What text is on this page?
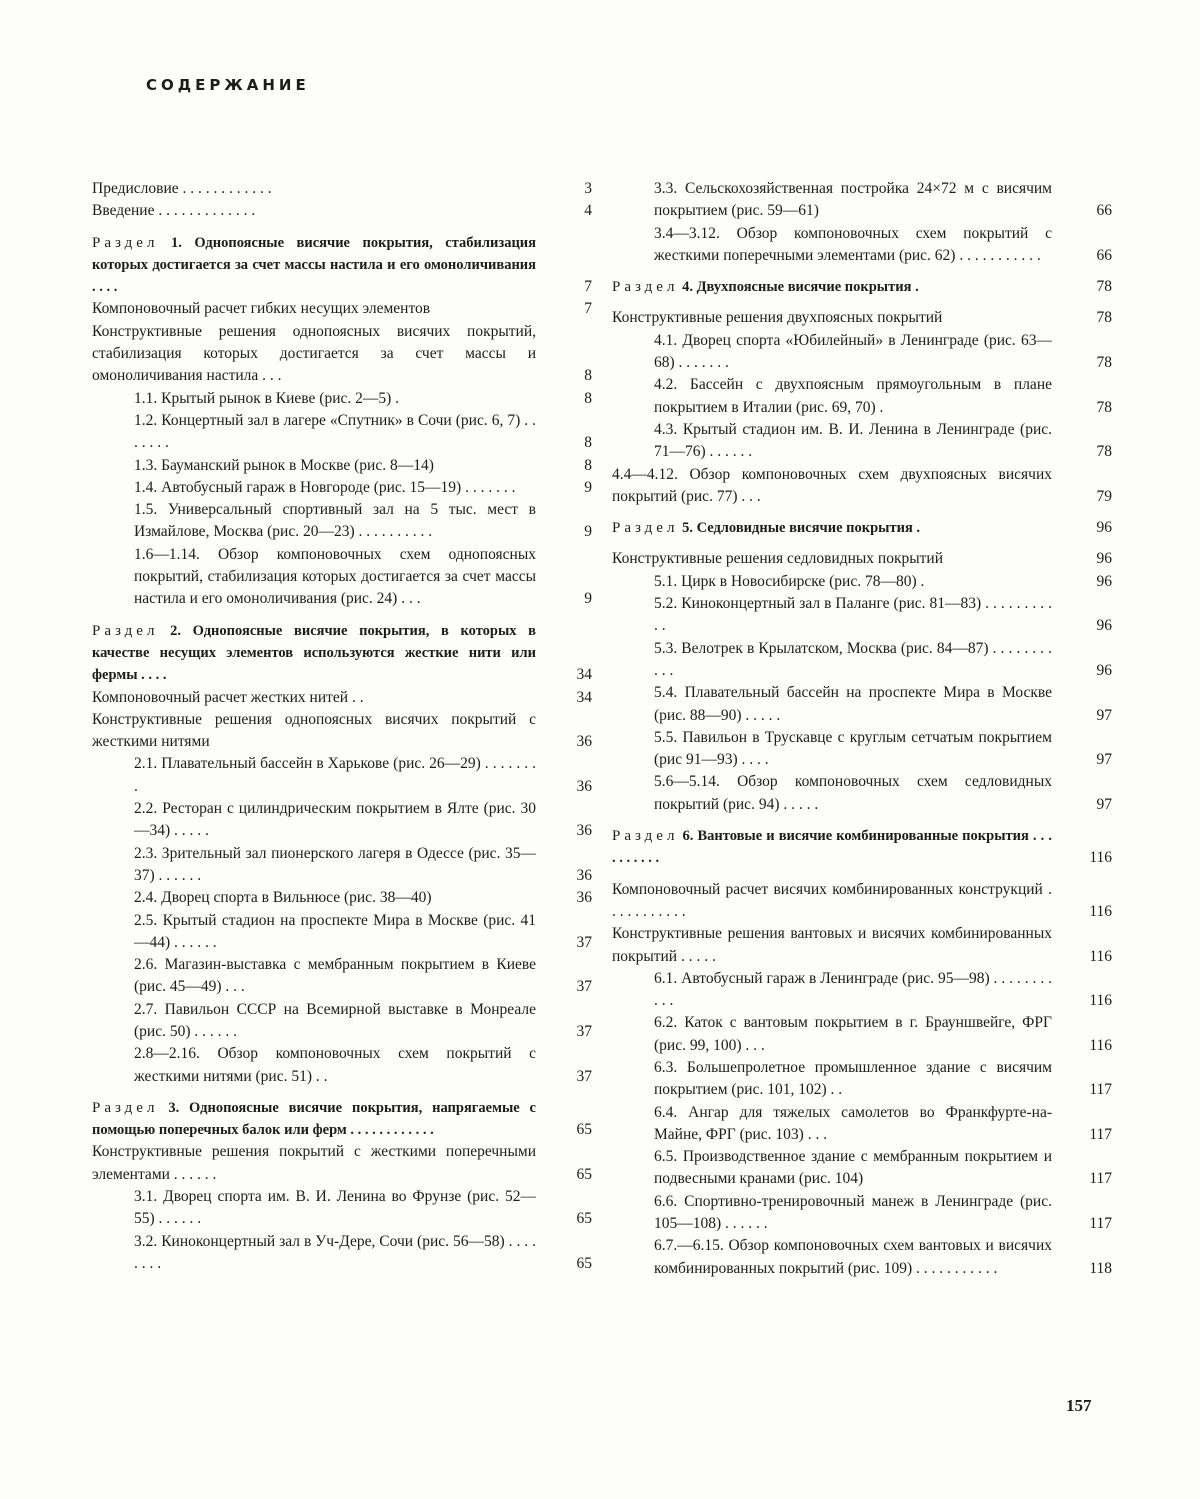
СОДЕРЖАНИЕ
Предисловие . . . . . . . . . . . .	3
Введение . . . . . . . . . . . . .	4
Раздел 1. Однопоясные висячие покрытия, стабилизация которых достигается за счет массы настила и его омоноличивания . . . .	7
Компоновочный расчет гибких несущих элементов	7
Конструктивные решения однопоясных висячих покрытий, стабилизация которых достигается за счет массы и омоноличивания настила . . .	8
1.1. Крытый рынок в Киеве (рис. 2—5) .	8
1.2. Концертный зал в лагере «Спутник» в Сочи (рис. 6, 7) . . . . . . .	8
1.3. Бауманский рынок в Москве (рис. 8—14)	8
1.4. Автобусный гараж в Новгороде (рис. 15—19) . . . . . . .	9
1.5. Универсальный спортивный зал на 5 тыс. мест в Измайлове, Москва (рис. 20—23) . . . . . . . . . .	9
1.6—1.14. Обзор компоновочных схем однопоясных покрытий, стабилизация которых достигается за счет массы настила и его омоноличивания (рис. 24) . . .	9
Раздел 2. Однопоясные висячие покрытия, в которых в качестве несущих элементов используются жесткие нити или фермы . . . .	34
Компоновочный расчет жестких нитей . .	34
Конструктивные решения однопоясных висячих покрытий с жесткими нитями	36
2.1. Плавательный бассейн в Харькове (рис. 26—29) . . . . . . . .	36
2.2. Ресторан с цилиндрическим покрытием в Ялте (рис. 30—34) . . . . .	36
2.3. Зрительный зал пионерского лагеря в Одессе (рис. 35—37) . . . . . .	36
2.4. Дворец спорта в Вильнюсе (рис. 38—40)	36
2.5. Крытый стадион на проспекте Мира в Москве (рис. 41—44) . . . . . .	37
2.6. Магазин-выставка с мембранным покрытием в Киеве (рис. 45—49) . . .	37
2.7. Павильон СССР на Всемирной выставке в Монреале (рис. 50) . . . . . .	37
2.8—2.16. Обзор компоновочных схем покрытий с жесткими нитями (рис. 51) . .	37
Раздел 3. Однопоясные висячие покрытия, напрягаемые с помощью поперечных балок или ферм . . . . . . . . . . . .	65
Конструктивные решения покрытий с жесткими поперечными элементами . . . . . .	65
3.1. Дворец спорта им. В. И. Ленина во Фрунзе (рис. 52—55) . . . . . .	65
3.2. Киноконцертный зал в Уч-Дере, Сочи (рис. 56—58) . . . . . . . .	65
3.3. Сельскохозяйственная постройка 24×72 м с висячим покрытием (рис. 59—61)	66
3.4—3.12. Обзор компоновочных схем покрытий с жесткими поперечными элементами (рис. 62) . . . . . . . . . . .	66
Раздел 4. Двухпоясные висячие покрытия .	78
Конструктивные решения двухпоясных покрытий	78
4.1. Дворец спорта «Юбилейный» в Ленинграде (рис. 63—68) . . . . . . .	78
4.2. Бассейн с двухпоясным прямоугольным в плане покрытием в Италии (рис. 69, 70) .	78
4.3. Крытый стадион им. В. И. Ленина в Ленинграде (рис. 71—76) . . . . . .	78
4.4—4.12. Обзор компоновочных схем двухпоясных висячих покрытий (рис. 77) . . .	79
Раздел 5. Седловидные висячие покрытия .	96
Конструктивные решения седловидных покрытий	96
5.1. Цирк в Новосибирске (рис. 78—80) .	96
5.2. Киноконцертный зал в Паланге (рис. 81—83) . . . . . . . . . . .	96
5.3. Велотрек в Крылатском, Москва (рис. 84—87) . . . . . . . . . . .	96
5.4. Плавательный бассейн на проспекте Мира в Москве (рис. 88—90) . . . . .	97
5.5. Павильон в Трускавце с круглым сетчатым покрытием (рис 91—93) . . . .	97
5.6—5.14. Обзор компоновочных схем седловидных покрытий (рис. 94) . . . . .	97
Раздел 6. Вантовые и висячие комбинированные покрытия . . . . . . . . . .	116
Компоновочный расчет висячих комбинированных конструкций . . . . . . . . . . .	116
Конструктивные решения вантовых и висячих комбинированных покрытий . . . . .	116
6.1. Автобусный гараж в Ленинграде (рис. 95—98) . . . . . . . . . . .	116
6.2. Каток с вантовым покрытием в г. Брауншвейге, ФРГ (рис. 99, 100) . . .	116
6.3. Большепролетное промышленное здание с висячим покрытием (рис. 101, 102) . .	117
6.4. Ангар для тяжелых самолетов во Франкфурте-на-Майне, ФРГ (рис. 103) . . .	117
6.5. Производственное здание с мембранным покрытием и подвесными кранами (рис. 104)	117
6.6. Спортивно-тренировочный манеж в Ленинграде (рис. 105—108) . . . . . .	117
6.7.—6.15. Обзор компоновочных схем вантовых и висячих комбинированных покрытий (рис. 109) . . . . . . . . . . .	118
157
